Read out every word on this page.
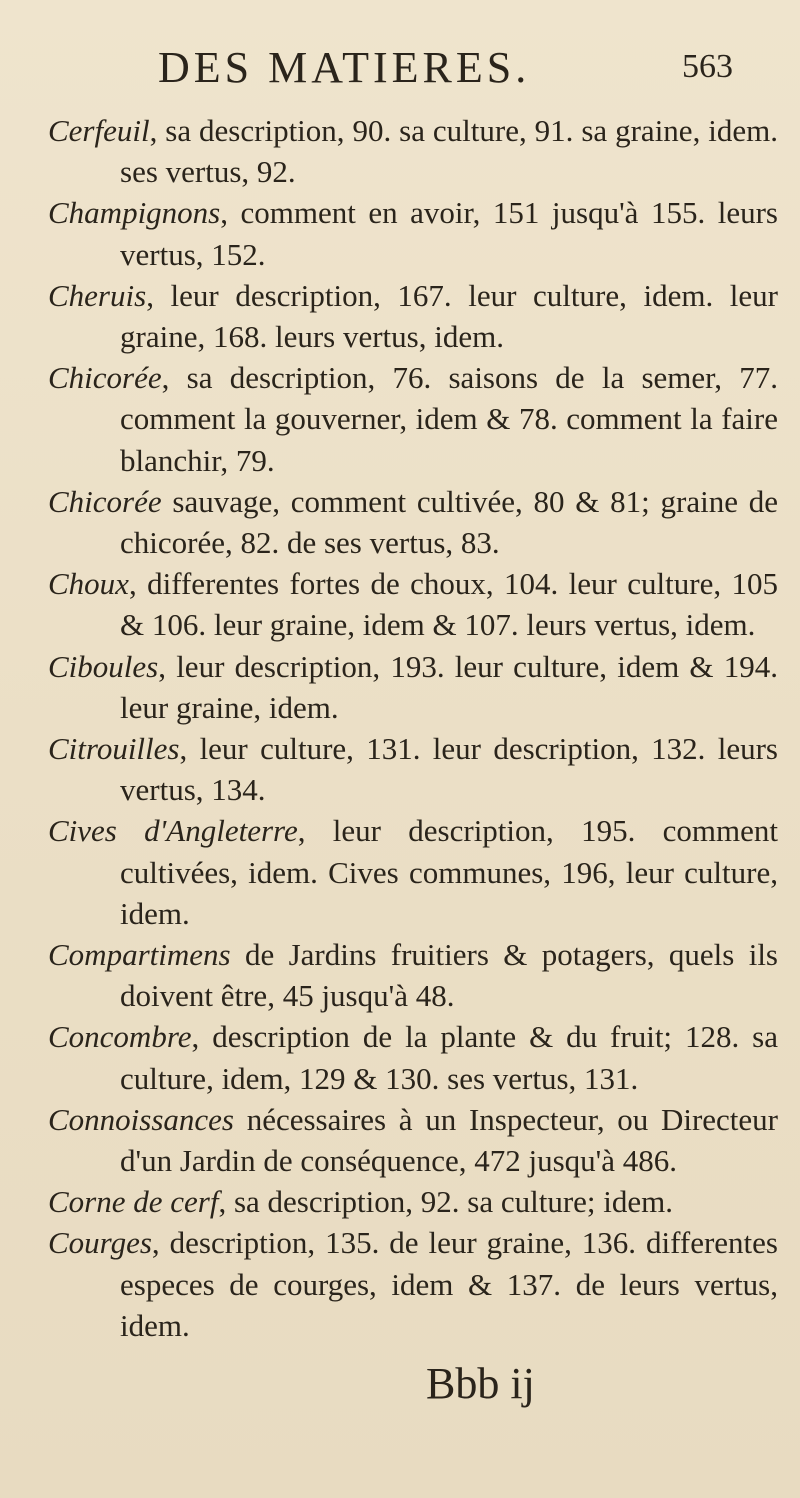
DES MATIERES.	563

Cerfeuil, sa description, 90. sa culture, 91. sa graine, idem. ses vertus, 92.

Champignons, comment en avoir, 151 jusqu'à 155. leurs vertus, 152.

Cheruis, leur description, 167. leur culture, idem. leur graine, 168. leurs vertus, idem.

Chicorée, sa description, 76. saisons de la semer, 77. comment la gouverner, idem & 78. comment la faire blanchir, 79.

Chicorée sauvage, comment cultivée, 80 & 81; graine de chicorée, 82. de ses vertus, 83.

Choux, differentes fortes de choux, 104. leur culture, 105 & 106. leur graine, idem & 107. leurs vertus, idem.

Ciboules, leur description, 193. leur culture, idem & 194. leur graine, idem.

Citrouilles, leur culture, 131. leur description, 132. leurs vertus, 134.

Cives d'Angleterre, leur description, 195. comment cultivées, idem. Cives communes, 196, leur culture, idem.

Compartimens de Jardins fruitiers & potagers, quels ils doivent être, 45 jusqu'à 48.

Concombre, description de la plante & du fruit; 128. sa culture, idem, 129 & 130. ses vertus, 131.

Connoissances nécessaires à un Inspecteur, ou Directeur d'un Jardin de conséquence, 472 jusqu'à 486.

Corne de cerf, sa description, 92. sa culture; idem.

Courges, description, 135. de leur graine, 136. differentes especes de courges, idem & 137. de leurs vertus, idem.

Bbb ij
